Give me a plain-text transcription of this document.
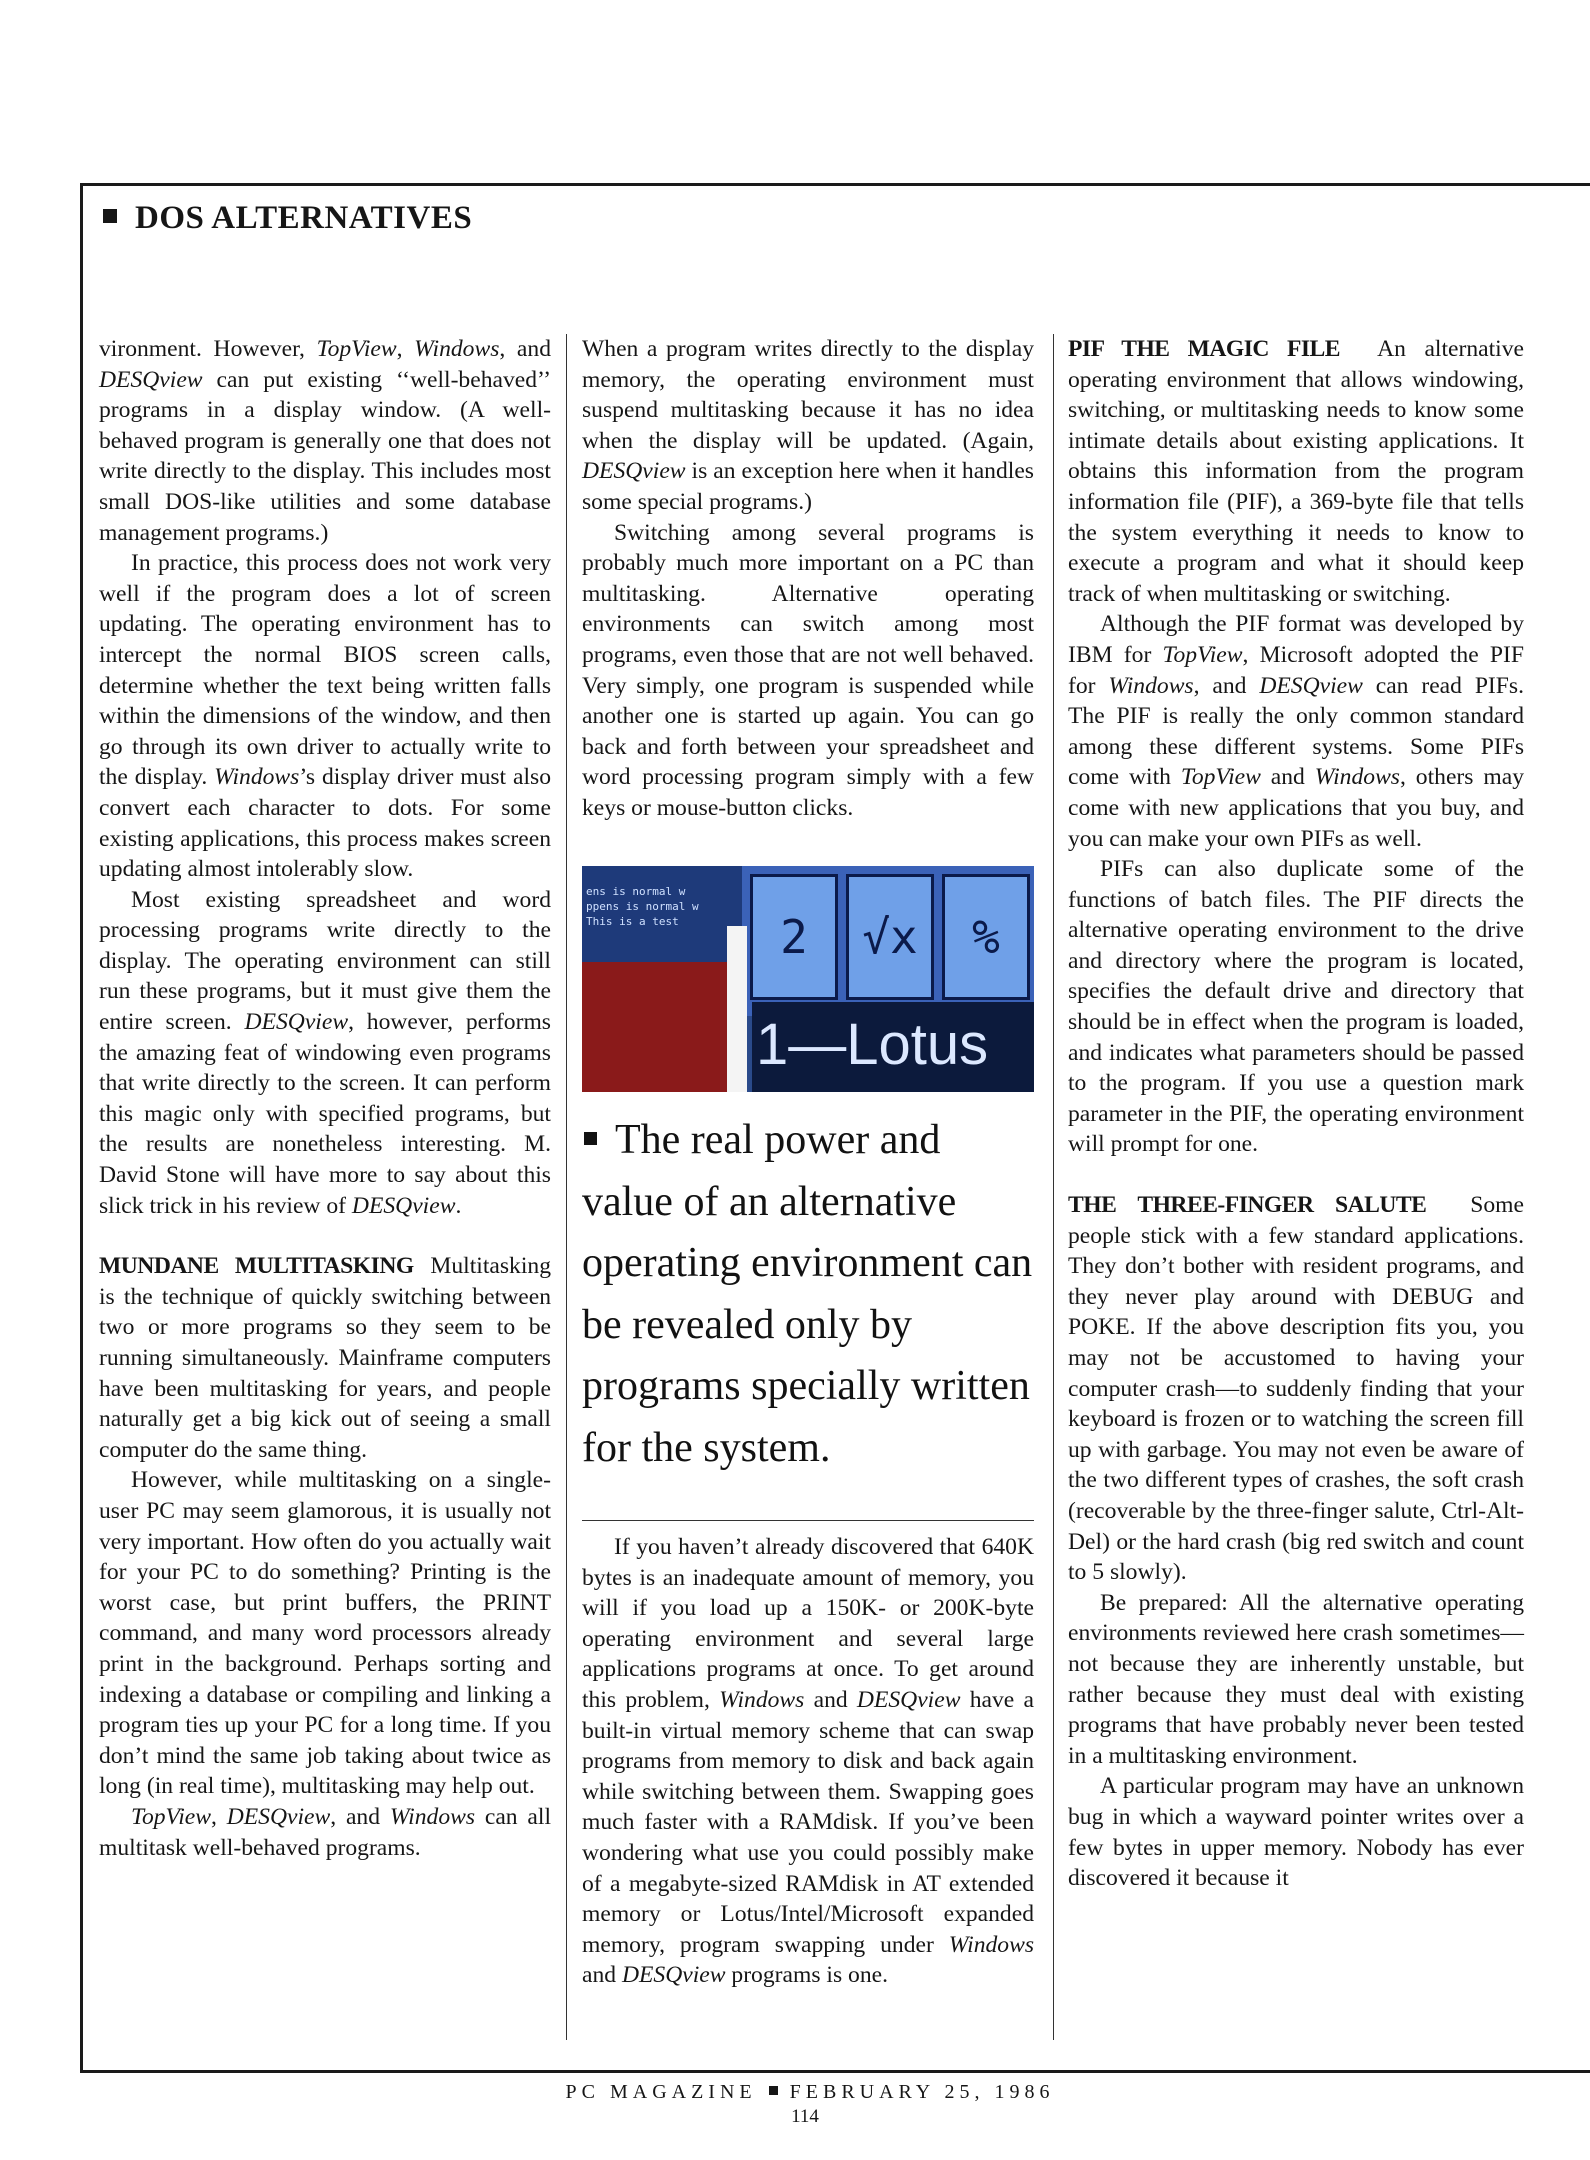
DOS ALTERNATIVES

vironment. However, TopView, Windows, and DESQview can put existing ‘‘well-behaved’’ programs in a display window. (A well-behaved program is generally one that does not write directly to the display. This includes most small DOS-like utilities and some database management programs.)

In practice, this process does not work very well if the program does a lot of screen updating. The operating environment has to intercept the normal BIOS screen calls, determine whether the text being written falls within the dimensions of the window, and then go through its own driver to actually write to the display. Windows’s display driver must also convert each character to dots. For some existing applications, this process makes screen updating almost intolerably slow.

Most existing spreadsheet and word processing programs write directly to the display. The operating environment can still run these programs, but it must give them the entire screen. DESQview, however, performs the amazing feat of windowing even programs that write directly to the screen. It can perform this magic only with specified programs, but the results are nonetheless interesting. M. David Stone will have more to say about this slick trick in his review of DESQview.

MUNDANE MULTITASKING Multitasking is the technique of quickly switching between two or more programs so they seem to be running simultaneously. Mainframe computers have been multitasking for years, and people naturally get a big kick out of seeing a small computer do the same thing.

However, while multitasking on a single-user PC may seem glamorous, it is usually not very important. How often do you actually wait for your PC to do something? Printing is the worst case, but print buffers, the PRINT command, and many word processors already print in the background. Perhaps sorting and indexing a database or compiling and linking a program ties up your PC for a long time. If you don’t mind the same job taking about twice as long (in real time), multitasking may help out.

TopView, DESQview, and Windows can all multitask well-behaved programs.

When a program writes directly to the display memory, the operating environment must suspend multitasking because it has no idea when the display will be updated. (Again, DESQview is an exception here when it handles some special programs.)

Switching among several programs is probably much more important on a PC than multitasking. Alternative operating environments can switch among most programs, even those that are not well behaved. Very simply, one program is suspended while another one is started up again. You can go back and forth between your spreadsheet and word processing program simply with a few keys or mouse-button clicks.

2	√x	%
ens is normal w
ppens is normal w
This is a test
1—Lotus
The real power and value of an alternative operating environment can be revealed only by programs specially written for the system.

If you haven’t already discovered that 640K bytes is an inadequate amount of memory, you will if you load up a 150K- or 200K-byte operating environment and several large applications programs at once. To get around this problem, Windows and DESQview have a built-in virtual memory scheme that can swap programs from memory to disk and back again while switching between them. Swapping goes much faster with a RAMdisk. If you’ve been wondering what use you could possibly make of a megabyte-sized RAMdisk in AT extended memory or Lotus/Intel/Microsoft expanded memory, program swapping under Windows and DESQview programs is one.

PIF THE MAGIC FILE An alternative operating environment that allows windowing, switching, or multitasking needs to know some intimate details about existing applications. It obtains this information from the program information file (PIF), a 369-byte file that tells the system everything it needs to know to execute a program and what it should keep track of when multitasking or switching.

Although the PIF format was developed by IBM for TopView, Microsoft adopted the PIF for Windows, and DESQview can read PIFs. The PIF is really the only common standard among these different systems. Some PIFs come with TopView and Windows, others may come with new applications that you buy, and you can make your own PIFs as well.

PIFs can also duplicate some of the functions of batch files. The PIF directs the alternative operating environment to the drive and directory where the program is located, specifies the default drive and directory that should be in effect when the program is loaded, and indicates what parameters should be passed to the program. If you use a question mark parameter in the PIF, the operating environment will prompt for one.

THE THREE-FINGER SALUTE Some people stick with a few standard applications. They don’t bother with resident programs, and they never play around with DEBUG and POKE. If the above description fits you, you may not be accustomed to having your computer crash—to suddenly finding that your keyboard is frozen or to watching the screen fill up with garbage. You may not even be aware of the two different types of crashes, the soft crash (recoverable by the three-finger salute, Ctrl-Alt-Del) or the hard crash (big red switch and count to 5 slowly).

Be prepared: All the alternative operating environments reviewed here crash sometimes—not because they are inherently unstable, but rather because they must deal with existing programs that have probably never been tested in a multitasking environment.

A particular program may have an unknown bug in which a wayward pointer writes over a few bytes in upper memory. Nobody has ever discovered it because it

PC MAGAZINE FEBRUARY 25, 1986
114
